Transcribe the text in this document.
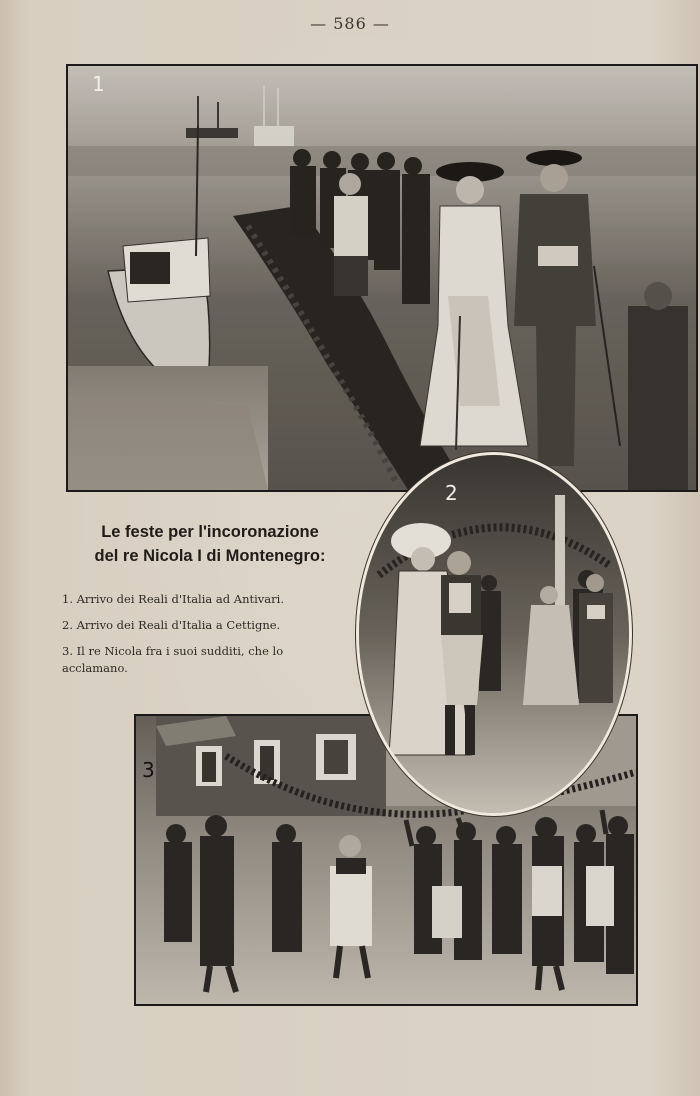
— 586 —
1
Le feste per l'incoronazione
del re Nicola I di Montenegro:
1. Arrivo dei Reali d'Italia ad Antivari.
2. Arrivo dei Reali d'Italia a Cettigne.
3. Il re Nicola fra i suoi sudditi, che lo acclamano.
3
2
